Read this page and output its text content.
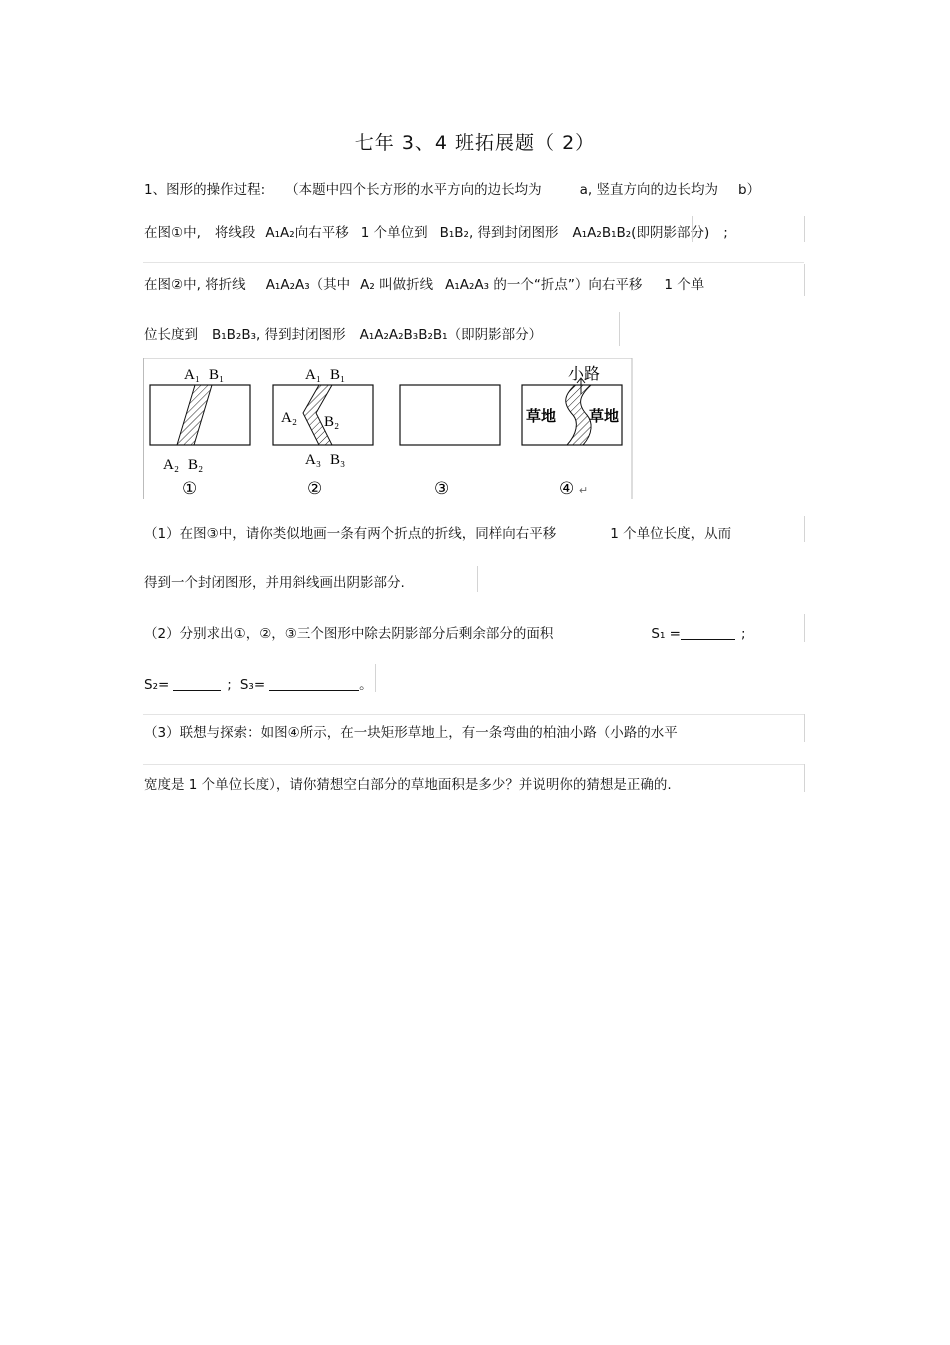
七年 3、4 班拓展题（ 2）
1、图形的操作过程: （本题中四个长方形的水平方向的边长均为	a, 竖直方向的边长均为 b）
在图①中, 将线段 A₁A₂向右平移 1 个单位到 B₁B₂, 得到封闭图形 A₁A₂B₁B₂(即阴影部分) ;
在图②中, 将折线 A₁A₂A₃（其中 A₂ 叫做折线 A₁A₂A₃ 的一个“折点”）向右平移 1 个单
位长度到 B₁B₂B₃, 得到封闭图形 A₁A₂A₂B₃B₂B₁（即阴影部分）
A₁ B₁
A₂ B₂
①
A₁ B₁
A₂ B₂
A₃ B₃
②	③
小路
草地 草地
④ ↵
（1）在图③中，请你类似地画一条有两个折点的折线，同样向右平移	1 个单位长度，从而
得到一个封闭图形，并用斜线画出阴影部分.
（2）分别求出①，②，③三个图形中除去阴影部分后剩余部分的面积	S₁ =	;
S₂=	; S₃=	。
（3）联想与探索：如图④所示，在一块矩形草地上，有一条弯曲的柏油小路（小路的水平
宽度是 1 个单位长度），请你猜想空白部分的草地面积是多少？并说明你的猜想是正确的.
